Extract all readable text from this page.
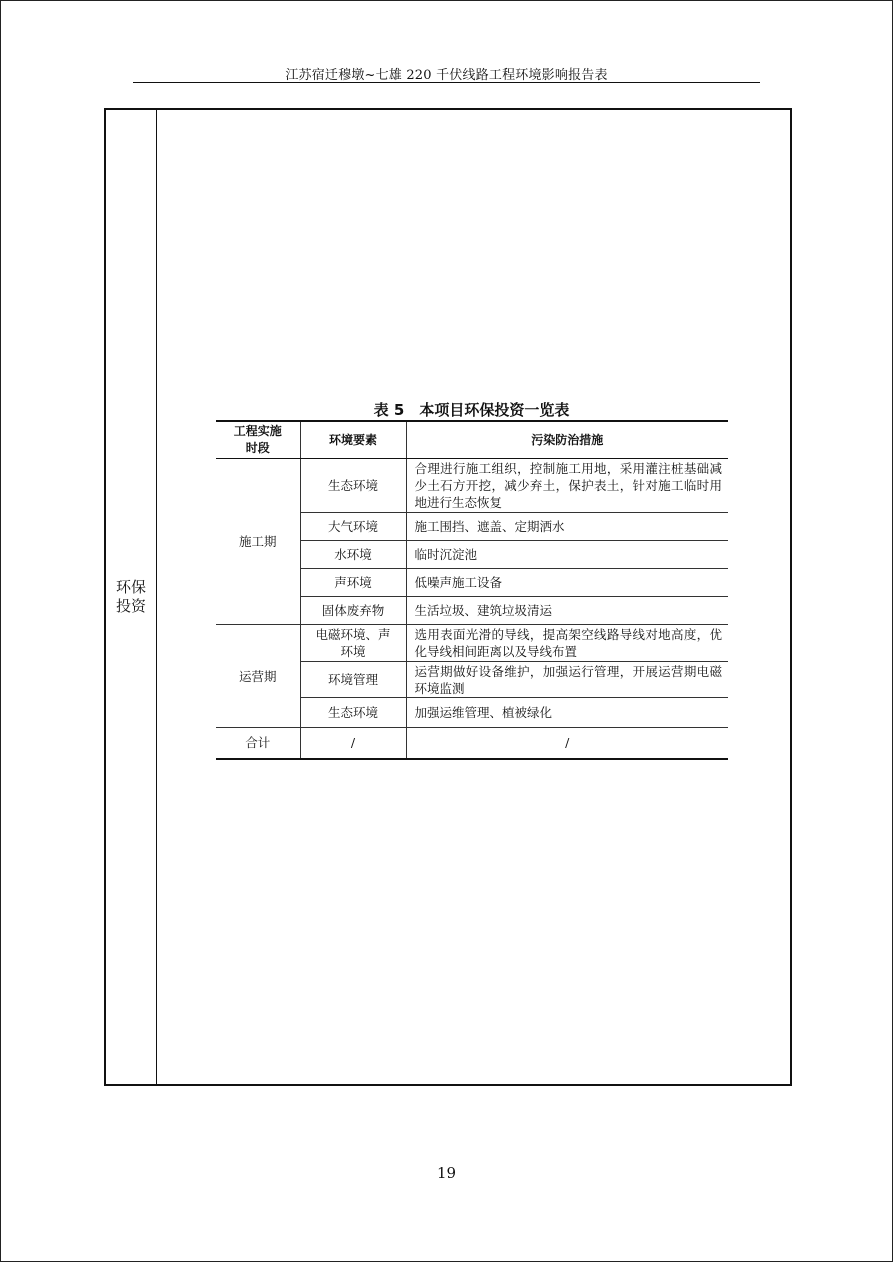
江苏宿迁穆墩~七雄 220 千伏线路工程环境影响报告表
环保
投资
表 5　本项目环保投资一览表
工程实施时段	环境要素	污染防治措施
施工期	生态环境	合理进行施工组织，控制施工用地，采用灌注桩基础减少土石方开挖，减少弃土，保护表土，针对施工临时用地进行生态恢复
	大气环境	施工围挡、遮盖、定期洒水
	水环境	临时沉淀池
	声环境	低噪声施工设备
	固体废弃物	生活垃圾、建筑垃圾清运
运营期	电磁环境、声环境	选用表面光滑的导线，提高架空线路导线对地高度，优化导线相间距离以及导线布置
	环境管理	运营期做好设备维护，加强运行管理，开展运营期电磁环境监测
	生态环境	加强运维管理、植被绿化
合计	/	/
19
